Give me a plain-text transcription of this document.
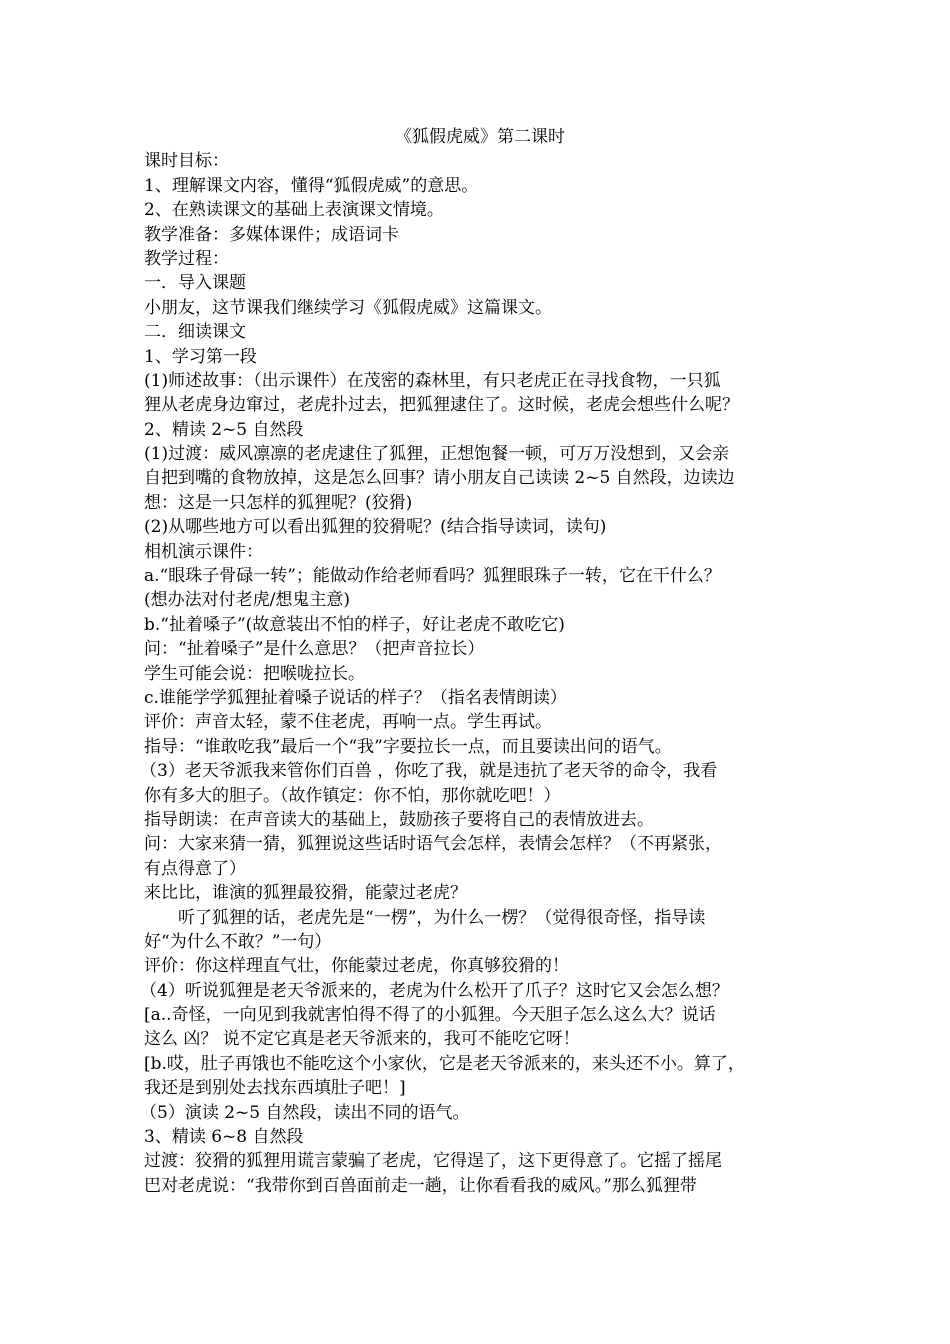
《狐假虎威》第二课时
课时目标：
1、理解课文内容，懂得“狐假虎威”的意思。
2、在熟读课文的基础上表演课文情境。
教学准备：多媒体课件；成语词卡
教学过程：
一．导入课题
小朋友，这节课我们继续学习《狐假虎威》这篇课文。
二．细读课文
1、学习第一段
(1)师述故事：（出示课件）在茂密的森林里，有只老虎正在寻找食物，一只狐
狸从老虎身边窜过，老虎扑过去，把狐狸逮住了。这时候，老虎会想些什么呢？
2、精读 2~5 自然段
(1)过渡：威风凛凛的老虎逮住了狐狸，正想饱餐一顿，可万万没想到，又会亲
自把到嘴的食物放掉，这是怎么回事？请小朋友自己读读 2~5 自然段，边读边
想：这是一只怎样的狐狸呢？(狡猾)
(2)从哪些地方可以看出狐狸的狡猾呢？(结合指导读词，读句)
相机演示课件：
a.“眼珠子骨碌一转”；能做动作给老师看吗？狐狸眼珠子一转，它在干什么？
(想办法对付老虎/想鬼主意)
b.“扯着嗓子”(故意装出不怕的样子，好让老虎不敢吃它)
问：“扯着嗓子”是什么意思？（把声音拉长）
学生可能会说：把喉咙拉长。
c.谁能学学狐狸扯着嗓子说话的样子？（指名表情朗读）
评价：声音太轻，蒙不住老虎，再响一点。学生再试。
指导：“谁敢吃我”最后一个“我”字要拉长一点，而且要读出问的语气。
（3）老天爷派我来管你们百兽 ，你吃了我，就是违抗了老天爷的命令，我看
你有多大的胆子。（故作镇定：你不怕，那你就吃吧！）
指导朗读：在声音读大的基础上，鼓励孩子要将自己的表情放进去。
问：大家来猜一猜，狐狸说这些话时语气会怎样，表情会怎样？（不再紧张，
有点得意了）
来比比，谁演的狐狸最狡猾，能蒙过老虎？
听了狐狸的话，老虎先是“一楞”，为什么一楞？（觉得很奇怪，指导读
好“为什么不敢？”一句）
评价：你这样理直气壮，你能蒙过老虎，你真够狡猾的！
（4）听说狐狸是老天爷派来的，老虎为什么松开了爪子？这时它又会怎么想？
[a..奇怪，一向见到我就害怕得不得了的小狐狸。今天胆子怎么这么大？说话
这么 凶？ 说不定它真是老天爷派来的，我可不能吃它呀！
[b.哎，肚子再饿也不能吃这个小家伙，它是老天爷派来的，来头还不小。算了，
我还是到别处去找东西填肚子吧！]
（5）演读 2~5 自然段，读出不同的语气。
3、精读 6~8 自然段
过渡：狡猾的狐狸用谎言蒙骗了老虎，它得逞了，这下更得意了。它摇了摇尾
巴对老虎说：“我带你到百兽面前走一趟，让你看看我的威风。”那么狐狸带
